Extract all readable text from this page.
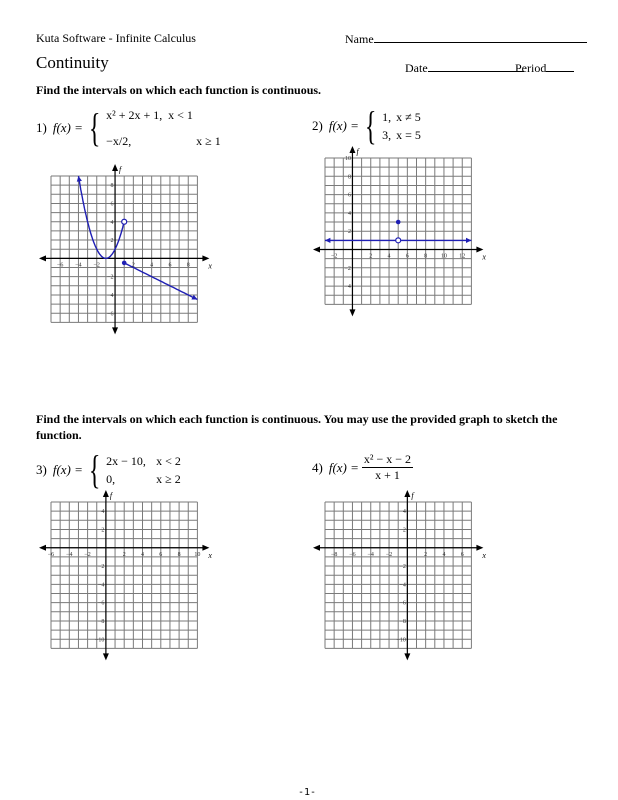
Kuta Software - Infinite Calculus	Name
Continuity	Date	Period
Find the intervals on which each function is continuous.
1) f(x) = { x² + 2x + 1, x < 1
−x/2,	x ≥ 1
2) f(x) = { 1, x ≠ 5
3, x = 5
Find the intervals on which each function is continuous. You may use the provided graph to sketch the function.
3) f(x) = { 2x − 10, x < 2
0,	x ≥ 2
4) $f(x) = \frac{\text{x² − x − 2}}{x + 1}$
x
f
−6 −4 −2	2	4	6	8
−6
−4
−2
2
4
6
8
x
f
−2	2	4	6	8 10 12
−4
−2
2
4
6
8
10
x
f
−6 −4 −2	2	4	6	8 10
−10
−8
−6
−4
−2
2
4
x
f
−8 −6 −4 −2	2	4	6
−10
−8
−6
−4
−2
2
4
-1-
